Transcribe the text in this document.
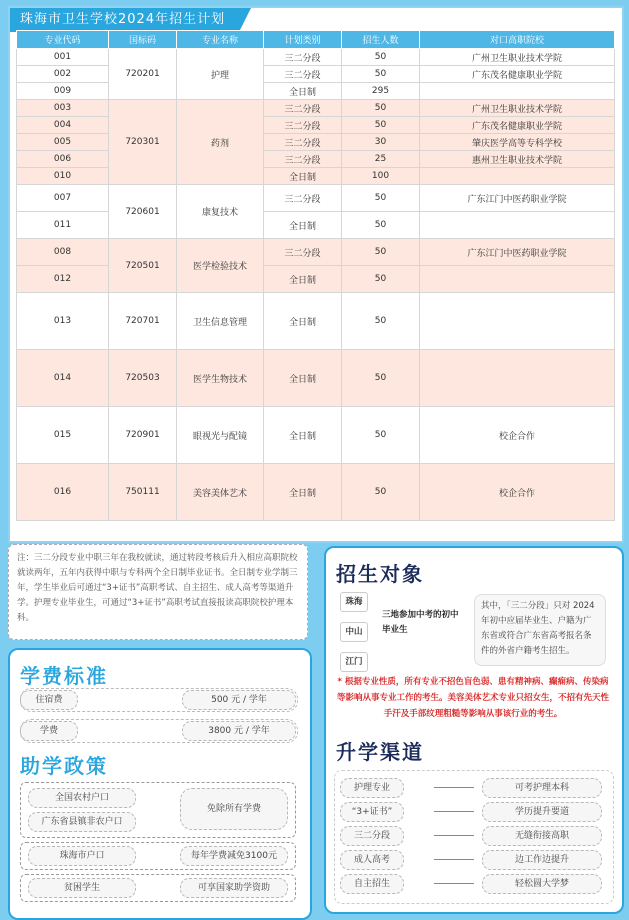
珠海市卫生学校2024年招生计划
专业代码	国标码	专业名称	计划类别	招生人数	对口高职院校
001	720201	护理	三二分段	50	广州卫生职业技术学院
002			三二分段	50	广东茂名健康职业学院
009			全日制	295	
003	720301	药剂	三二分段	50	广州卫生职业技术学院
004			三二分段	50	广东茂名健康职业学院
005			三二分段	30	肇庆医学高等专科学校
006			三二分段	25	惠州卫生职业技术学院
010			全日制	100	
007	720601	康复技术	三二分段	50	广东江门中医药职业学院
011			全日制	50	
008	720501	医学检验技术	三二分段	50	广东江门中医药职业学院
012			全日制	50	
013	720701	卫生信息管理	全日制	50	
014	720503	医学生物技术	全日制	50	
015	720901	眼视光与配镜	全日制	50	校企合作
016	750111	美容美体艺术	全日制	50	校企合作
注：三二分段专业中职三年在我校就读，通过转段考核后升入相应高职院校就读两年，五年内获得中职与专科两个全日制毕业证书。全日制专业学制三年，学生毕业后可通过“3+证书”高职考试、自主招生、成人高考等渠道升学。护理专业毕业生，可通过“3+证书”高职考试直接报读高职院校护理本科。
学费标准
住宿费	500 元 / 学年
学费	3800 元 / 学年
助学政策
全国农村户口
广东省县镇非农户口
免除所有学费
珠海市户口	每年学费减免3100元
贫困学生	可享国家助学资助
招生对象
珠海
中山
江门
三地参加中考的初中毕业生
其中，「三二分段」只对 2024 年初中应届毕业生、户籍为广东省或符合广东省高考报名条件的外省户籍考生招生。
* 根据专业性质，所有专业不招色盲色弱、患有精神病、癫痫病、传染病等影响从事专业工作的考生。美容美体艺术专业只招女生，不招有先天性手汗及手部纹理粗糙等影响从事该行业的考生。
升学渠道
护理专业	可考护理本科
“3+证书”	学历提升要道
三二分段	无缝衔接高职
成人高考	边工作边提升
自主招生	轻松圆大学梦
